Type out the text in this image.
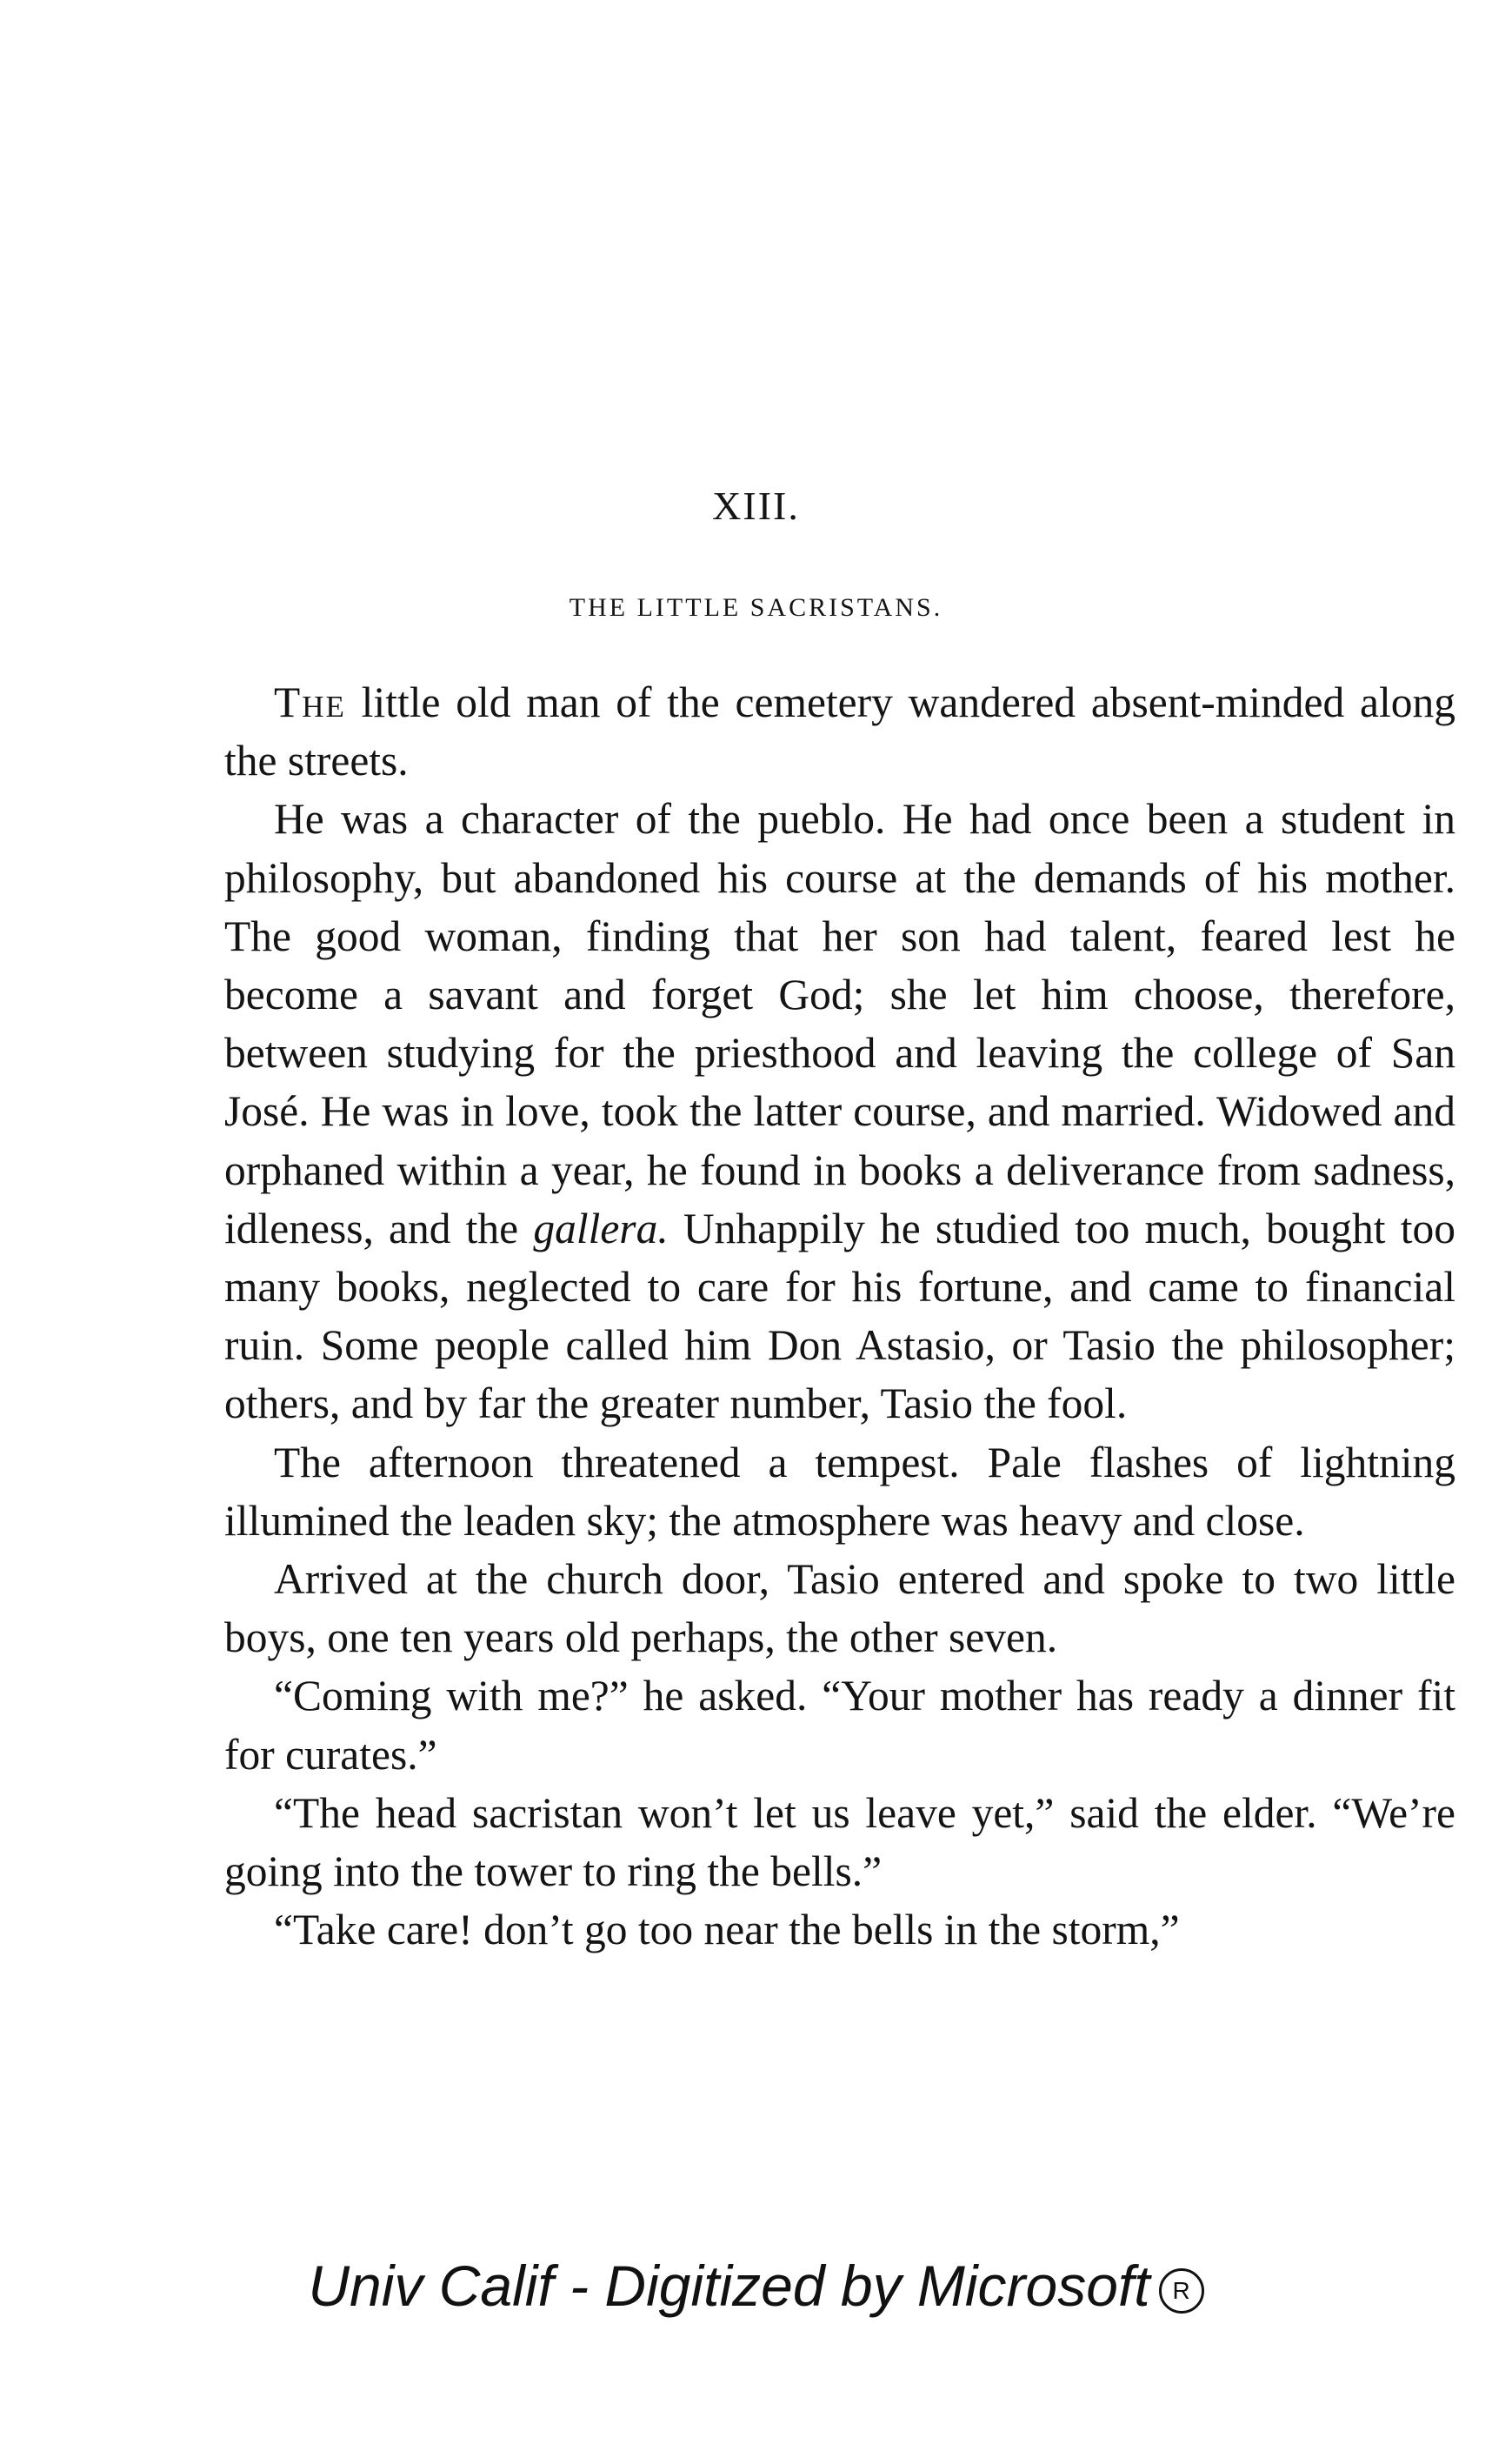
XIII.
THE LITTLE SACRISTANS.

The little old man of the cemetery wandered absent-minded along the streets.

He was a character of the pueblo. He had once been a student in philosophy, but abandoned his course at the demands of his mother. The good woman, finding that her son had talent, feared lest he become a savant and forget God; she let him choose, therefore, between studying for the priesthood and leaving the college of San José. He was in love, took the latter course, and married. Widowed and orphaned within a year, he found in books a deliverance from sadness, idleness, and the gallera. Unhappily he studied too much, bought too many books, neglected to care for his fortune, and came to financial ruin. Some people called him Don Astasio, or Tasio the philosopher; others, and by far the greater number, Tasio the fool.

The afternoon threatened a tempest. Pale flashes of lightning illumined the leaden sky; the atmosphere was heavy and close.

Arrived at the church door, Tasio entered and spoke to two little boys, one ten years old perhaps, the other seven.

“Coming with me?” he asked. “Your mother has ready a dinner fit for curates.”

“The head sacristan won’t let us leave yet,” said the elder. “We’re going into the tower to ring the bells.”

“Take care! don’t go too near the bells in the storm,”

Univ Calif - Digitized by Microsoft R
